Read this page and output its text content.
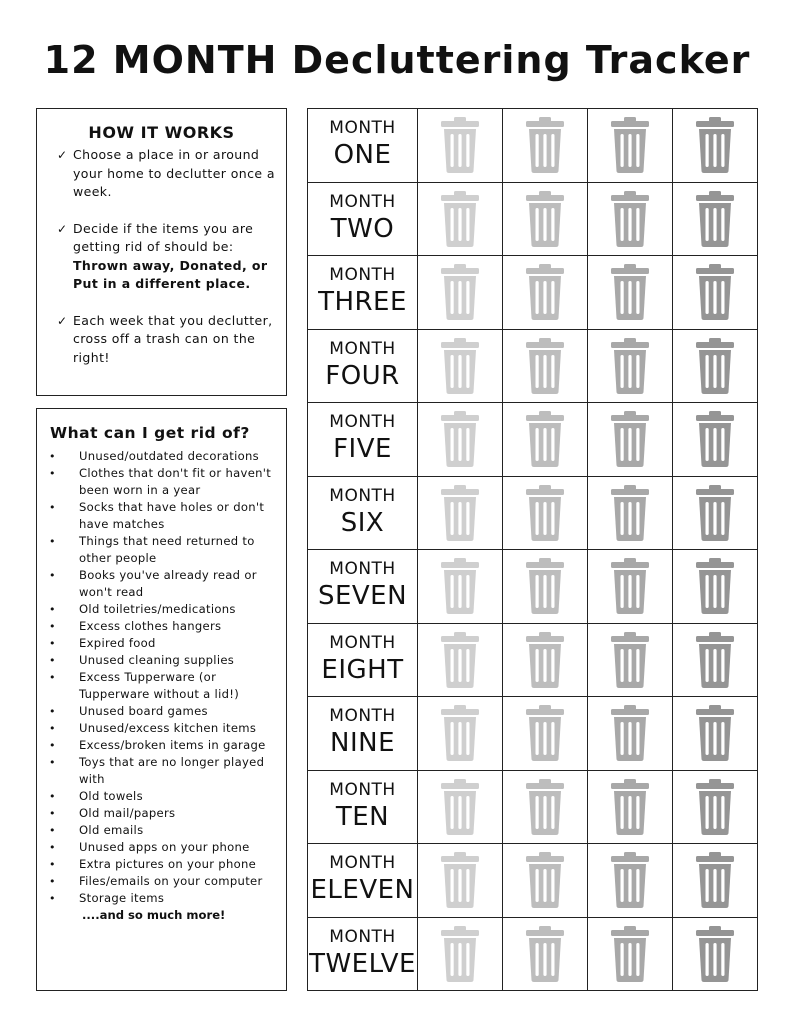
12 MONTH Decluttering Tracker

HOW IT WORKS

✓ Choose a place in or around your home to declutter once a week.
✓ Decide if the items you are getting rid of should be: Thrown away, Donated, or Put in a different place.
✓ Each week that you declutter, cross off a trash can on the right!

What can I get rid of?

• Unused/outdated decorations
• Clothes that don't fit or haven't been worn in a year
• Socks that have holes or don't have matches
• Things that need returned to other people
• Books you've already read or won't read
• Old toiletries/medications
• Excess clothes hangers
• Expired food
• Unused cleaning supplies
• Excess Tupperware (or Tupperware without a lid!)
• Unused board games
• Unused/excess kitchen items
• Excess/broken items in garage
• Toys that are no longer played with
• Old towels
• Old mail/papers
• Old emails
• Unused apps on your phone
• Extra pictures on your phone
• Files/emails on your computer
• Storage items

....and so much more!

MONTH
ONE
MONTH
TWO
MONTH
THREE
MONTH
FOUR
MONTH
FIVE
MONTH
SIX
MONTH
SEVEN
MONTH
EIGHT
MONTH
NINE
MONTH
TEN
MONTH
ELEVEN
MONTH
TWELVE
